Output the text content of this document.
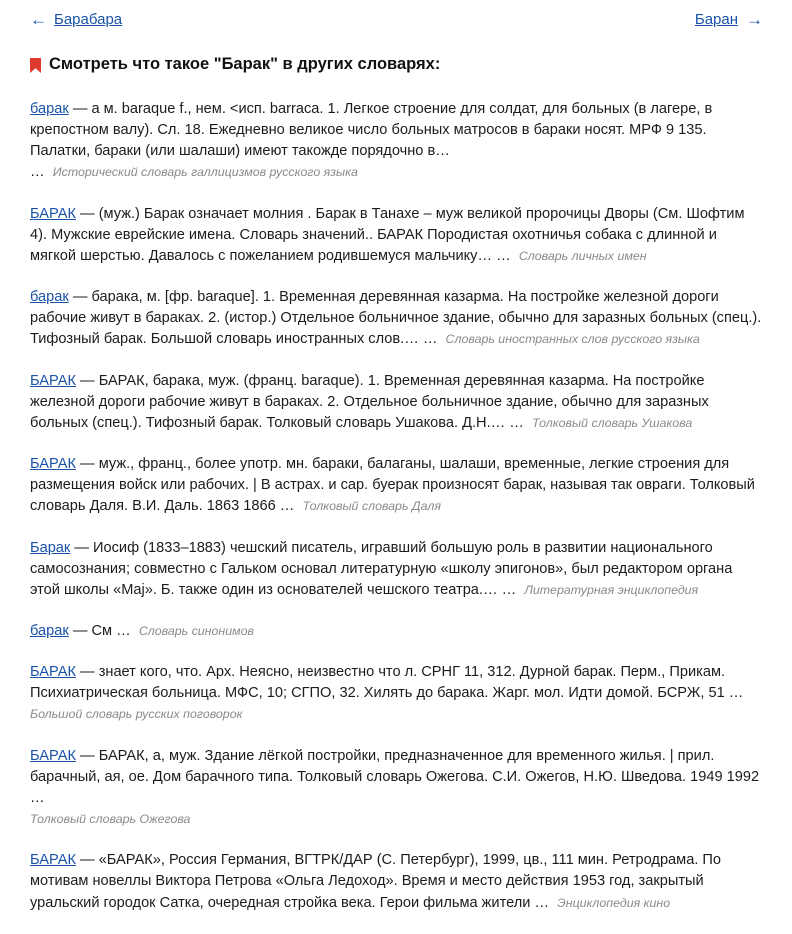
← Барабара	Баран →
Смотреть что такое "Барак" в других словарях:

барак — а м. baraque f., нем. <исп. barraca. 1. Легкое строение для солдат, для больных (в лагере, в крепостном валу). Сл. 18. Ежедневно великое число больных матросов в бараки носят. МРФ 9 135. Палатки, бараки (или шалаши) имеют такожде порядочно в… … Исторический словарь галлицизмов русского языка

БАРАК — (муж.) Барак означает молния . Барак в Танахе – муж великой пророчицы Дворы (См. Шофтим 4). Мужские еврейские имена. Словарь значений.. БАРАК Породистая охотничья собака с длинной и мягкой шерстью. Давалось с пожеланием родившемуся мальчику… … Словарь личных имен

барак — барака, м. [фр. baraque]. 1. Временная деревянная казарма. На постройке железной дороги рабочие живут в бараках. 2. (истор.) Отдельное больничное здание, обычно для заразных больных (спец.). Тифозный барак. Большой словарь иностранных слов.… … Словарь иностранных слов русского языка

БАРАК — БАРАК, барака, муж. (франц. baraque). 1. Временная деревянная казарма. На постройке железной дороги рабочие живут в бараках. 2. Отдельное больничное здание, обычно для заразных больных (спец.). Тифозный барак. Толковый словарь Ушакова. Д.Н.… … Толковый словарь Ушакова

БАРАК — муж., франц., более употр. мн. бараки, балаганы, шалаши, временные, легкие строения для размещения войск или рабочих. | В астрах. и сар. буерак произносят барак, называя так овраги. Толковый словарь Даля. В.И. Даль. 1863 1866 … Толковый словарь Даля

Барак — Иосиф (1833–1883) чешский писатель, игравший большую роль в развитии национального самосознания; совместно с Гальком основал литературную «школу эпигонов», был редактором органа этой школы «Maj». Б. также один из основателей чешского театра.… … Литературная энциклопедия

барак — См … Словарь синонимов

БАРАК — знает кого, что. Арх. Неясно, неизвестно что л. СРНГ 11, 312. Дурной барак. Перм., Прикам. Психиатрическая больница. МФС, 10; СГПО, 32. Хилять до барака. Жарг. мол. Идти домой. БСРЖ, 51 …
Большой словарь русских поговорок

БАРАК — БАРАК, а, муж. Здание лёгкой постройки, предназначенное для временного жилья. | прил. барачный, ая, ое. Дом барачного типа. Толковый словарь Ожегова. С.И. Ожегов, Н.Ю. Шведова. 1949 1992 …
Толковый словарь Ожегова

БАРАК — «БАРАК», Россия Германия, ВГТРК/ДАР (С. Петербург), 1999, цв., 111 мин. Ретродрама. По мотивам новеллы Виктора Петрова «Ольга Ледоход». Время и место действия 1953 год, закрытый уральский городок Сатка, очередная стройка века. Герои фильма жители … Энциклопедия кино
